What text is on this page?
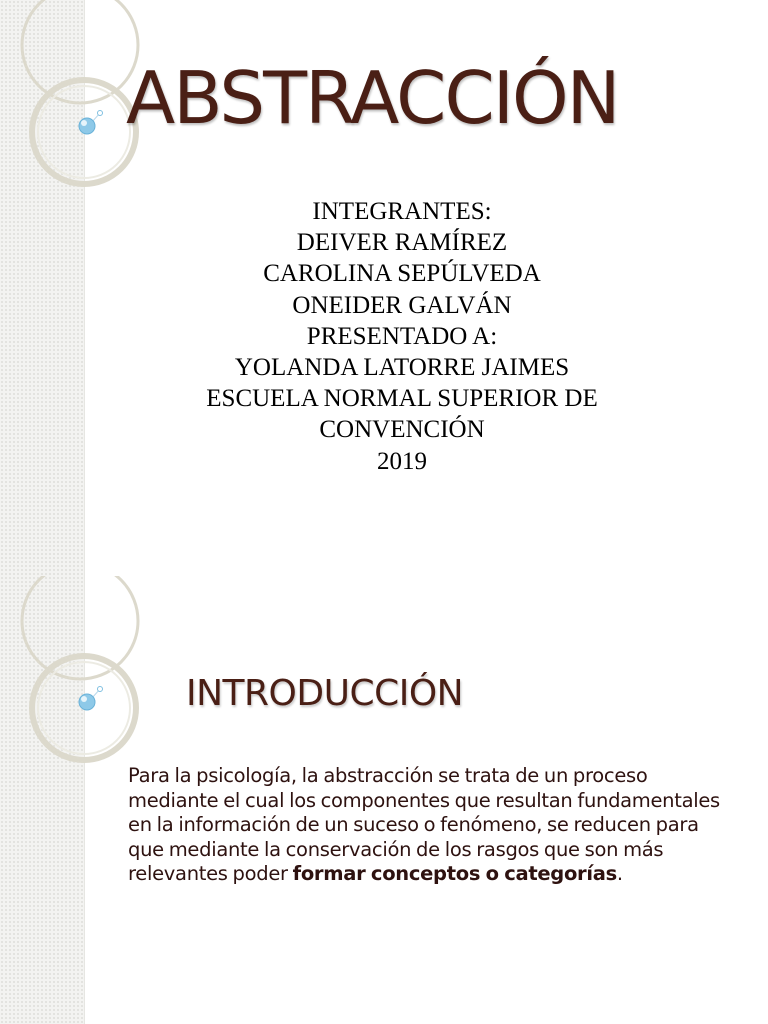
ABSTRACCIÓN
INTEGRANTES:
DEIVER RAMÍREZ
CAROLINA SEPÚLVEDA
ONEIDER GALVÁN
PRESENTADO A:
YOLANDA LATORRE JAIMES
ESCUELA NORMAL SUPERIOR DE
CONVENCIÓN
2019
INTRODUCCIÓN

Para la psicología, la abstracción se trata de un proceso mediante el cual los componentes que resultan fundamentales en la información de un suceso o fenómeno, se reducen para que mediante la conservación de los rasgos que son más relevantes poder formar conceptos o categorías.
